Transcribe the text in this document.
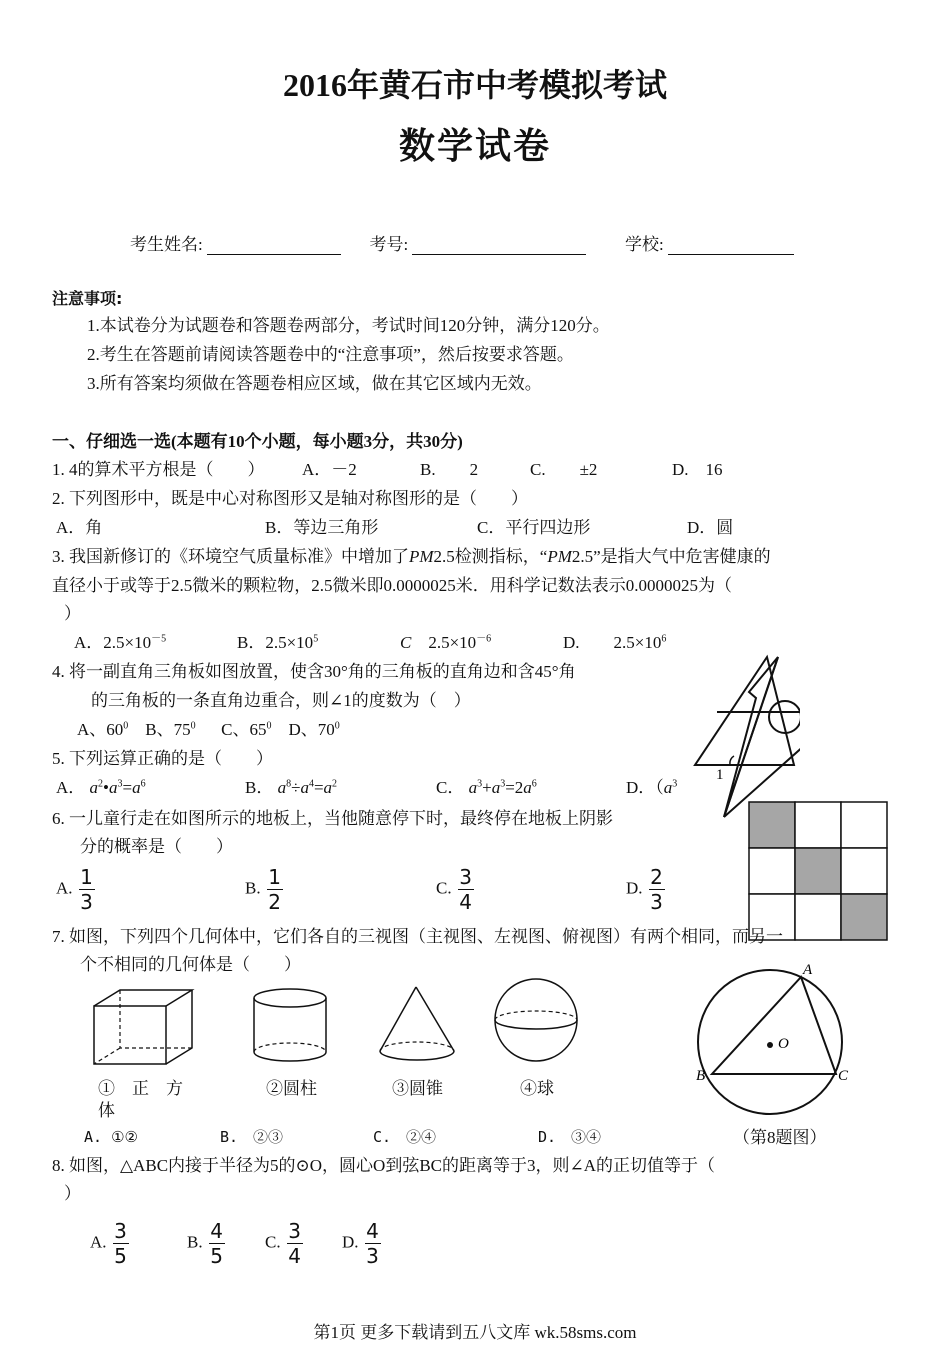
2016年黄石市中考模拟考试
数学试卷
考生姓名:	考号:	学校:
注意事项:
1.本试卷分为试题卷和答题卷两部分，考试时间120分钟，满分120分。
2.考生在答题前请阅读答题卷中的“注意事项”，然后按要求答题。
3.所有答案均须做在答题卷相应区域，做在其它区域内无效。
一、仔细选一选(本题有10个小题，每小题3分，共30分)
1. 4的算术平方根是（　　） A．－2	B.　　2	C.　　±2	D.　16
2. 下列图形中，既是中心对称图形又是轴对称图形的是（　　）
A．角	B．等边三角形	C．平行四边形	D．圆
3. 我国新修订的《环境空气质量标准》中增加了PM2.5检测指标，“PM2.5”是指大气中危害健康的
直径小于或等于2.5微米的颗粒物，2.5微米即0.0000025米．用科学记数法表示0.0000025为（
）
A．$2.5\times 10^{-5}$	B．$2.5\times 10^5$	C　 $2.5\times 10^{-6}$	D.　　 $2.5\times 10^6$
4. 将一副直角三角板如图放置，使含30°角的三角板的直角边和含45°角
的三角板的一条直角边重合，则∠1的度数为（　）
A、$60^0$ B、$75^0$ C、$65^0$ D、$70^0$
1
5. 下列运算正确的是（　　）
A． $a^2•a^3=a^6$	B． $a^8\div a^4=a^2$	C． $a^3+a^3=2a^6$	D．（$a^3$
6. 一儿童行走在如图所示的地板上，当他随意停下时，最终停在地板上阴影
分的概率是（　　）
A. $\frac{1}{3}$	B. $\frac{1}{2}$	C. $\frac{3}{4}$	D. $\frac{2}{3}$
7. 如图，下列四个几何体中，它们各自的三视图（主视图、左视图、俯视图）有两个相同，而另一
个不相同的几何体是（　　）
①　正　方
体
②圆柱	③圆锥	④球
A. ①②	B.　②③	C.　②④	D.　③④
A
B	C
O
（第8题图）
8. 如图，△ABC内接于半径为5的⊙O，圆心O到弦BC的距离等于3，则∠A的正切值等于（
）
A. $\frac{3}{5}$	B. $\frac{4}{5} C$. $\frac{3}{4} D$. $\frac{4}{3}$
第1页 更多下载请到五八文库 wk.58sms.com
